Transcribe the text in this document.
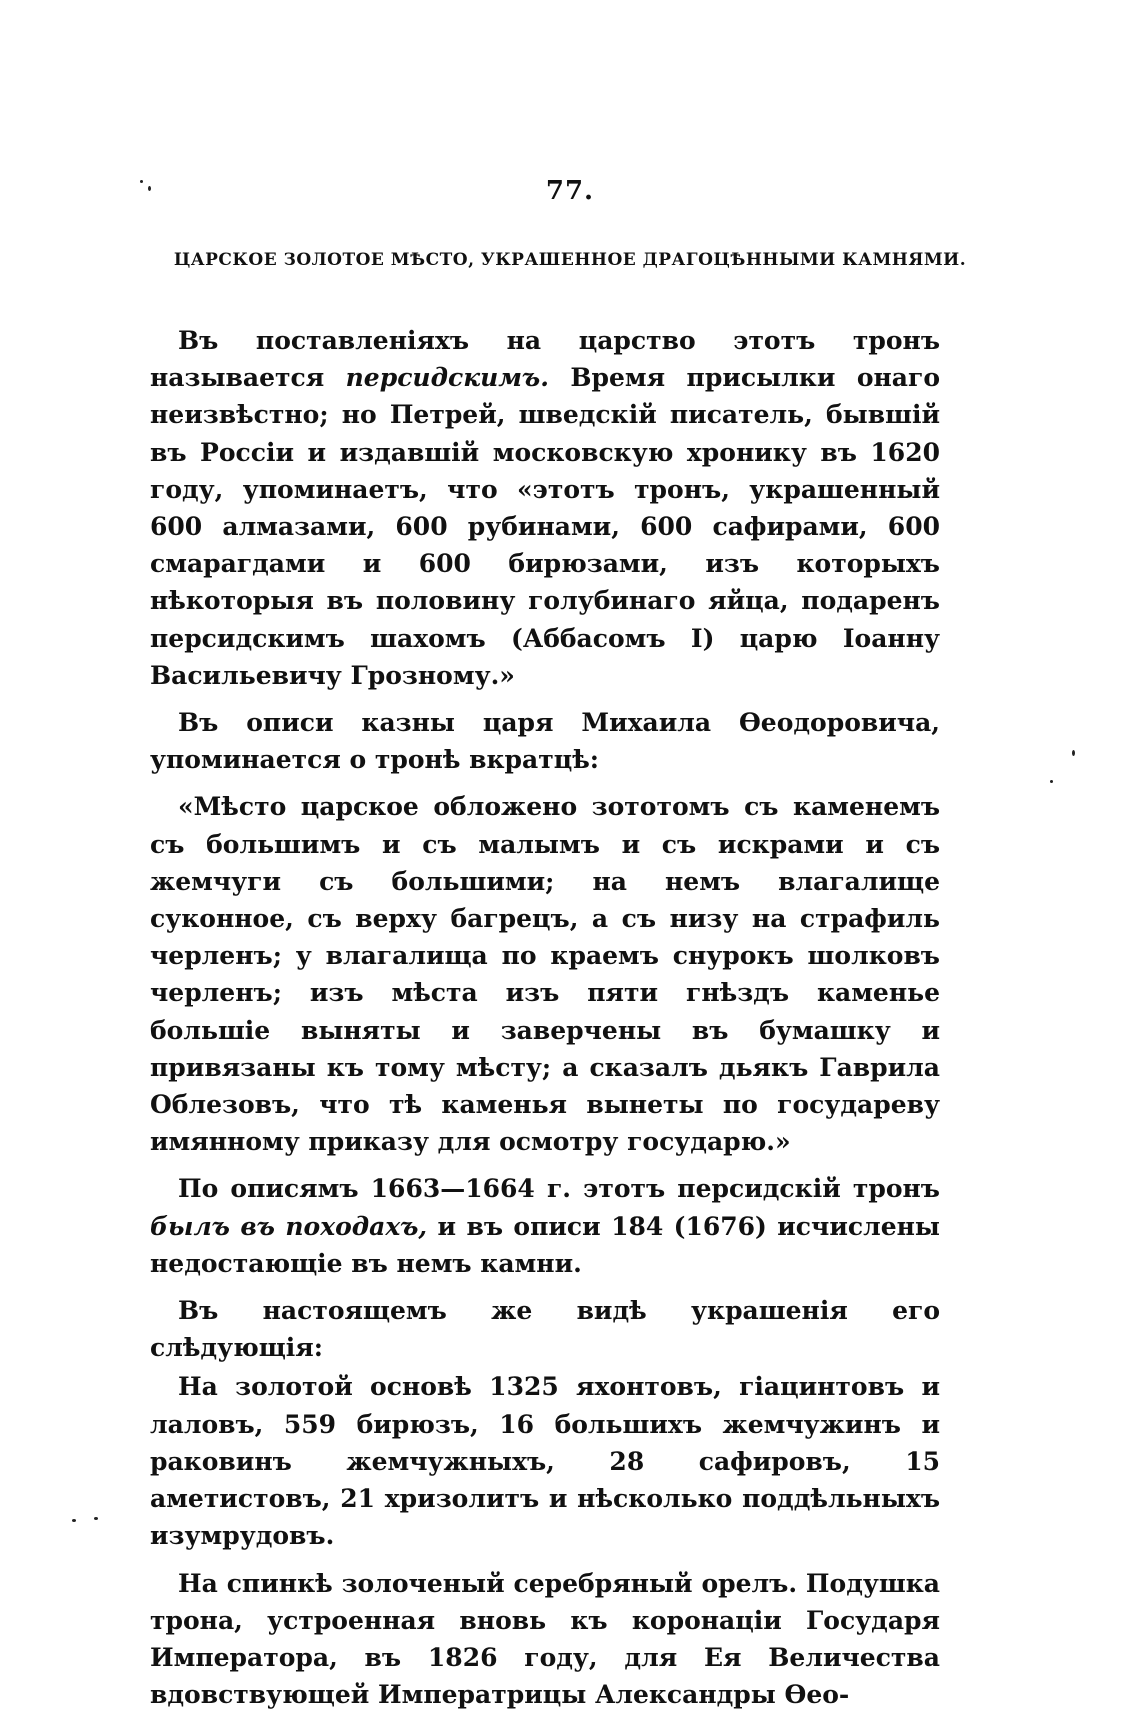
77.
ЦАРСКОЕ ЗОЛОТОЕ МѢСТО, УКРАШЕННОЕ ДРАГОЦѢННЫМИ КАМНЯМИ.

Въ поставленіяхъ на царство этотъ тронъ называется персидскимъ. Время присылки онаго неизвѣстно; но Петрей, шведскій писатель, бывшій въ Россіи и издавшій московскую хронику въ 1620 году, упоминаетъ, что «этотъ тронъ, украшенный 600 алмазами, 600 рубинами, 600 сафирами, 600 смарагдами и 600 бирюзами, изъ которыхъ нѣкоторыя въ половину голубинаго яйца, подаренъ персидскимъ шахомъ (Аббасомъ I) царю Іоанну Васильевичу Грозному.»

Въ описи казны царя Михаила Ѳеодоровича, упоминается о тронѣ вкратцѣ:

«Мѣсто царское обложено зототомъ съ каменемъ съ большимъ и съ малымъ и съ искрами и съ жемчуги съ большими; на немъ влагалище суконное, съ верху багрецъ, а съ низу на страфиль черленъ; у влагалища по краемъ снурокъ шолковъ черленъ; изъ мѣста изъ пяти гнѣздъ каменье большіе выняты и заверчены въ бумашку и привязаны къ тому мѣсту; а сказалъ дьякъ Гаврила Облезовъ, что тѣ каменья вынеты по государеву имянному приказу для осмотру государю.»

По описямъ 1663—1664 г. этотъ персидскій тронъ былъ въ походахъ, и въ описи 184 (1676) исчислены недостающіе въ немъ камни.

Въ настоящемъ же видѣ украшенія его слѣдующія:

На золотой основѣ 1325 яхонтовъ, гіацинтовъ и лаловъ, 559 бирюзъ, 16 большихъ жемчужинъ и раковинъ жемчужныхъ, 28 сафировъ, 15 аметистовъ, 21 хризолитъ и нѣсколько поддѣльныхъ изумрудовъ.

На спинкѣ золоченый серебряный орелъ. Подушка трона, устроенная вновь къ коронаціи Государя Императора, въ 1826 году, для Ея Величества вдовствующей Императрицы Александры Ѳео-
